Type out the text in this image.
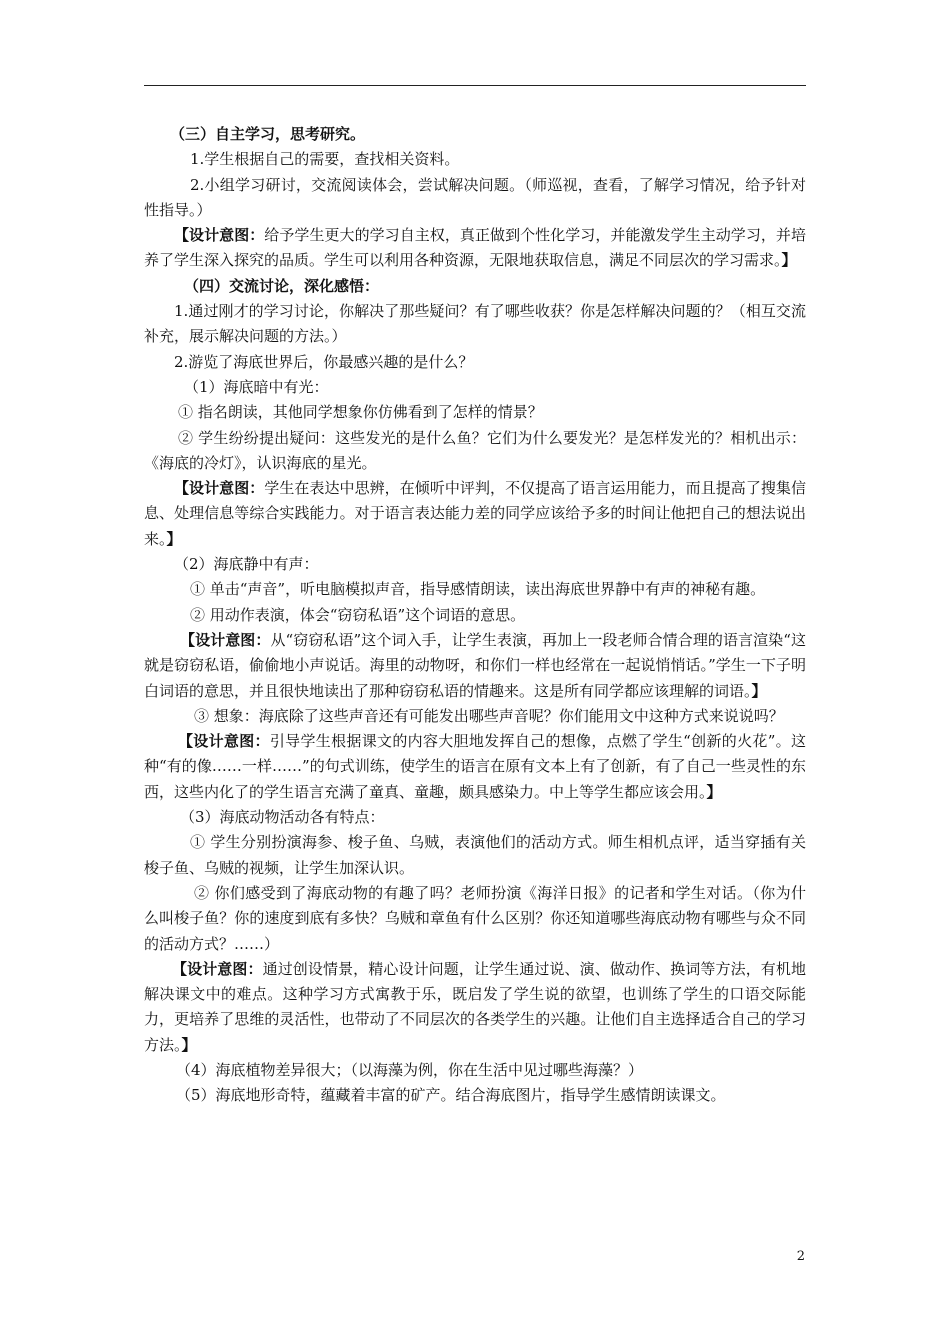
（三）自主学习，思考研究。

1.学生根据自己的需要，查找相关资料。

2.小组学习研讨，交流阅读体会，尝试解决问题。（师巡视，查看，了解学习情况，给予针对性指导。）

【设计意图：给予学生更大的学习自主权，真正做到个性化学习，并能激发学生主动学习，并培养了学生深入探究的品质。学生可以利用各种资源，无限地获取信息，满足不同层次的学习需求。】

（四）交流讨论，深化感悟：

1.通过刚才的学习讨论，你解决了那些疑问？有了哪些收获？你是怎样解决问题的？（相互交流补充，展示解决问题的方法。）

2.游览了海底世界后，你最感兴趣的是什么？

（1）海底暗中有光：

① 指名朗读，其他同学想象你仿佛看到了怎样的情景？

② 学生纷纷提出疑问：这些发光的是什么鱼？它们为什么要发光？是怎样发光的？相机出示：《海底的冷灯》，认识海底的星光。

【设计意图：学生在表达中思辨，在倾听中评判，不仅提高了语言运用能力，而且提高了搜集信息、处理信息等综合实践能力。对于语言表达能力差的同学应该给予多的时间让他把自己的想法说出来。】

（2）海底静中有声：

① 单击“声音”，听电脑模拟声音，指导感情朗读，读出海底世界静中有声的神秘有趣。

② 用动作表演，体会“窃窃私语”这个词语的意思。

【设计意图：从“窃窃私语”这个词入手，让学生表演，再加上一段老师合情合理的语言渲染“这就是窃窃私语，偷偷地小声说话。海里的动物呀，和你们一样也经常在一起说悄悄话。”学生一下子明白词语的意思，并且很快地读出了那种窃窃私语的情趣来。这是所有同学都应该理解的词语。】

③ 想象：海底除了这些声音还有可能发出哪些声音呢？你们能用文中这种方式来说说吗？

【设计意图：引导学生根据课文的内容大胆地发挥自己的想像，点燃了学生“创新的火花”。这种“有的像……一样……”的句式训练，使学生的语言在原有文本上有了创新，有了自己一些灵性的东西，这些内化了的学生语言充满了童真、童趣，颇具感染力。中上等学生都应该会用。】

（3）海底动物活动各有特点：

① 学生分别扮演海参、梭子鱼、乌贼，表演他们的活动方式。师生相机点评，适当穿插有关梭子鱼、乌贼的视频，让学生加深认识。

② 你们感受到了海底动物的有趣了吗？老师扮演《海洋日报》的记者和学生对话。（你为什么叫梭子鱼？你的速度到底有多快？乌贼和章鱼有什么区别？你还知道哪些海底动物有哪些与众不同的活动方式？……）

【设计意图：通过创设情景，精心设计问题，让学生通过说、演、做动作、换词等方法，有机地解决课文中的难点。这种学习方式寓教于乐，既启发了学生说的欲望，也训练了学生的口语交际能力，更培养了思维的灵活性，也带动了不同层次的各类学生的兴趣。让他们自主选择适合自己的学习方法。】

（4）海底植物差异很大；（以海藻为例，你在生活中见过哪些海藻？）

（5）海底地形奇特，蕴藏着丰富的矿产。结合海底图片，指导学生感情朗读课文。

2
